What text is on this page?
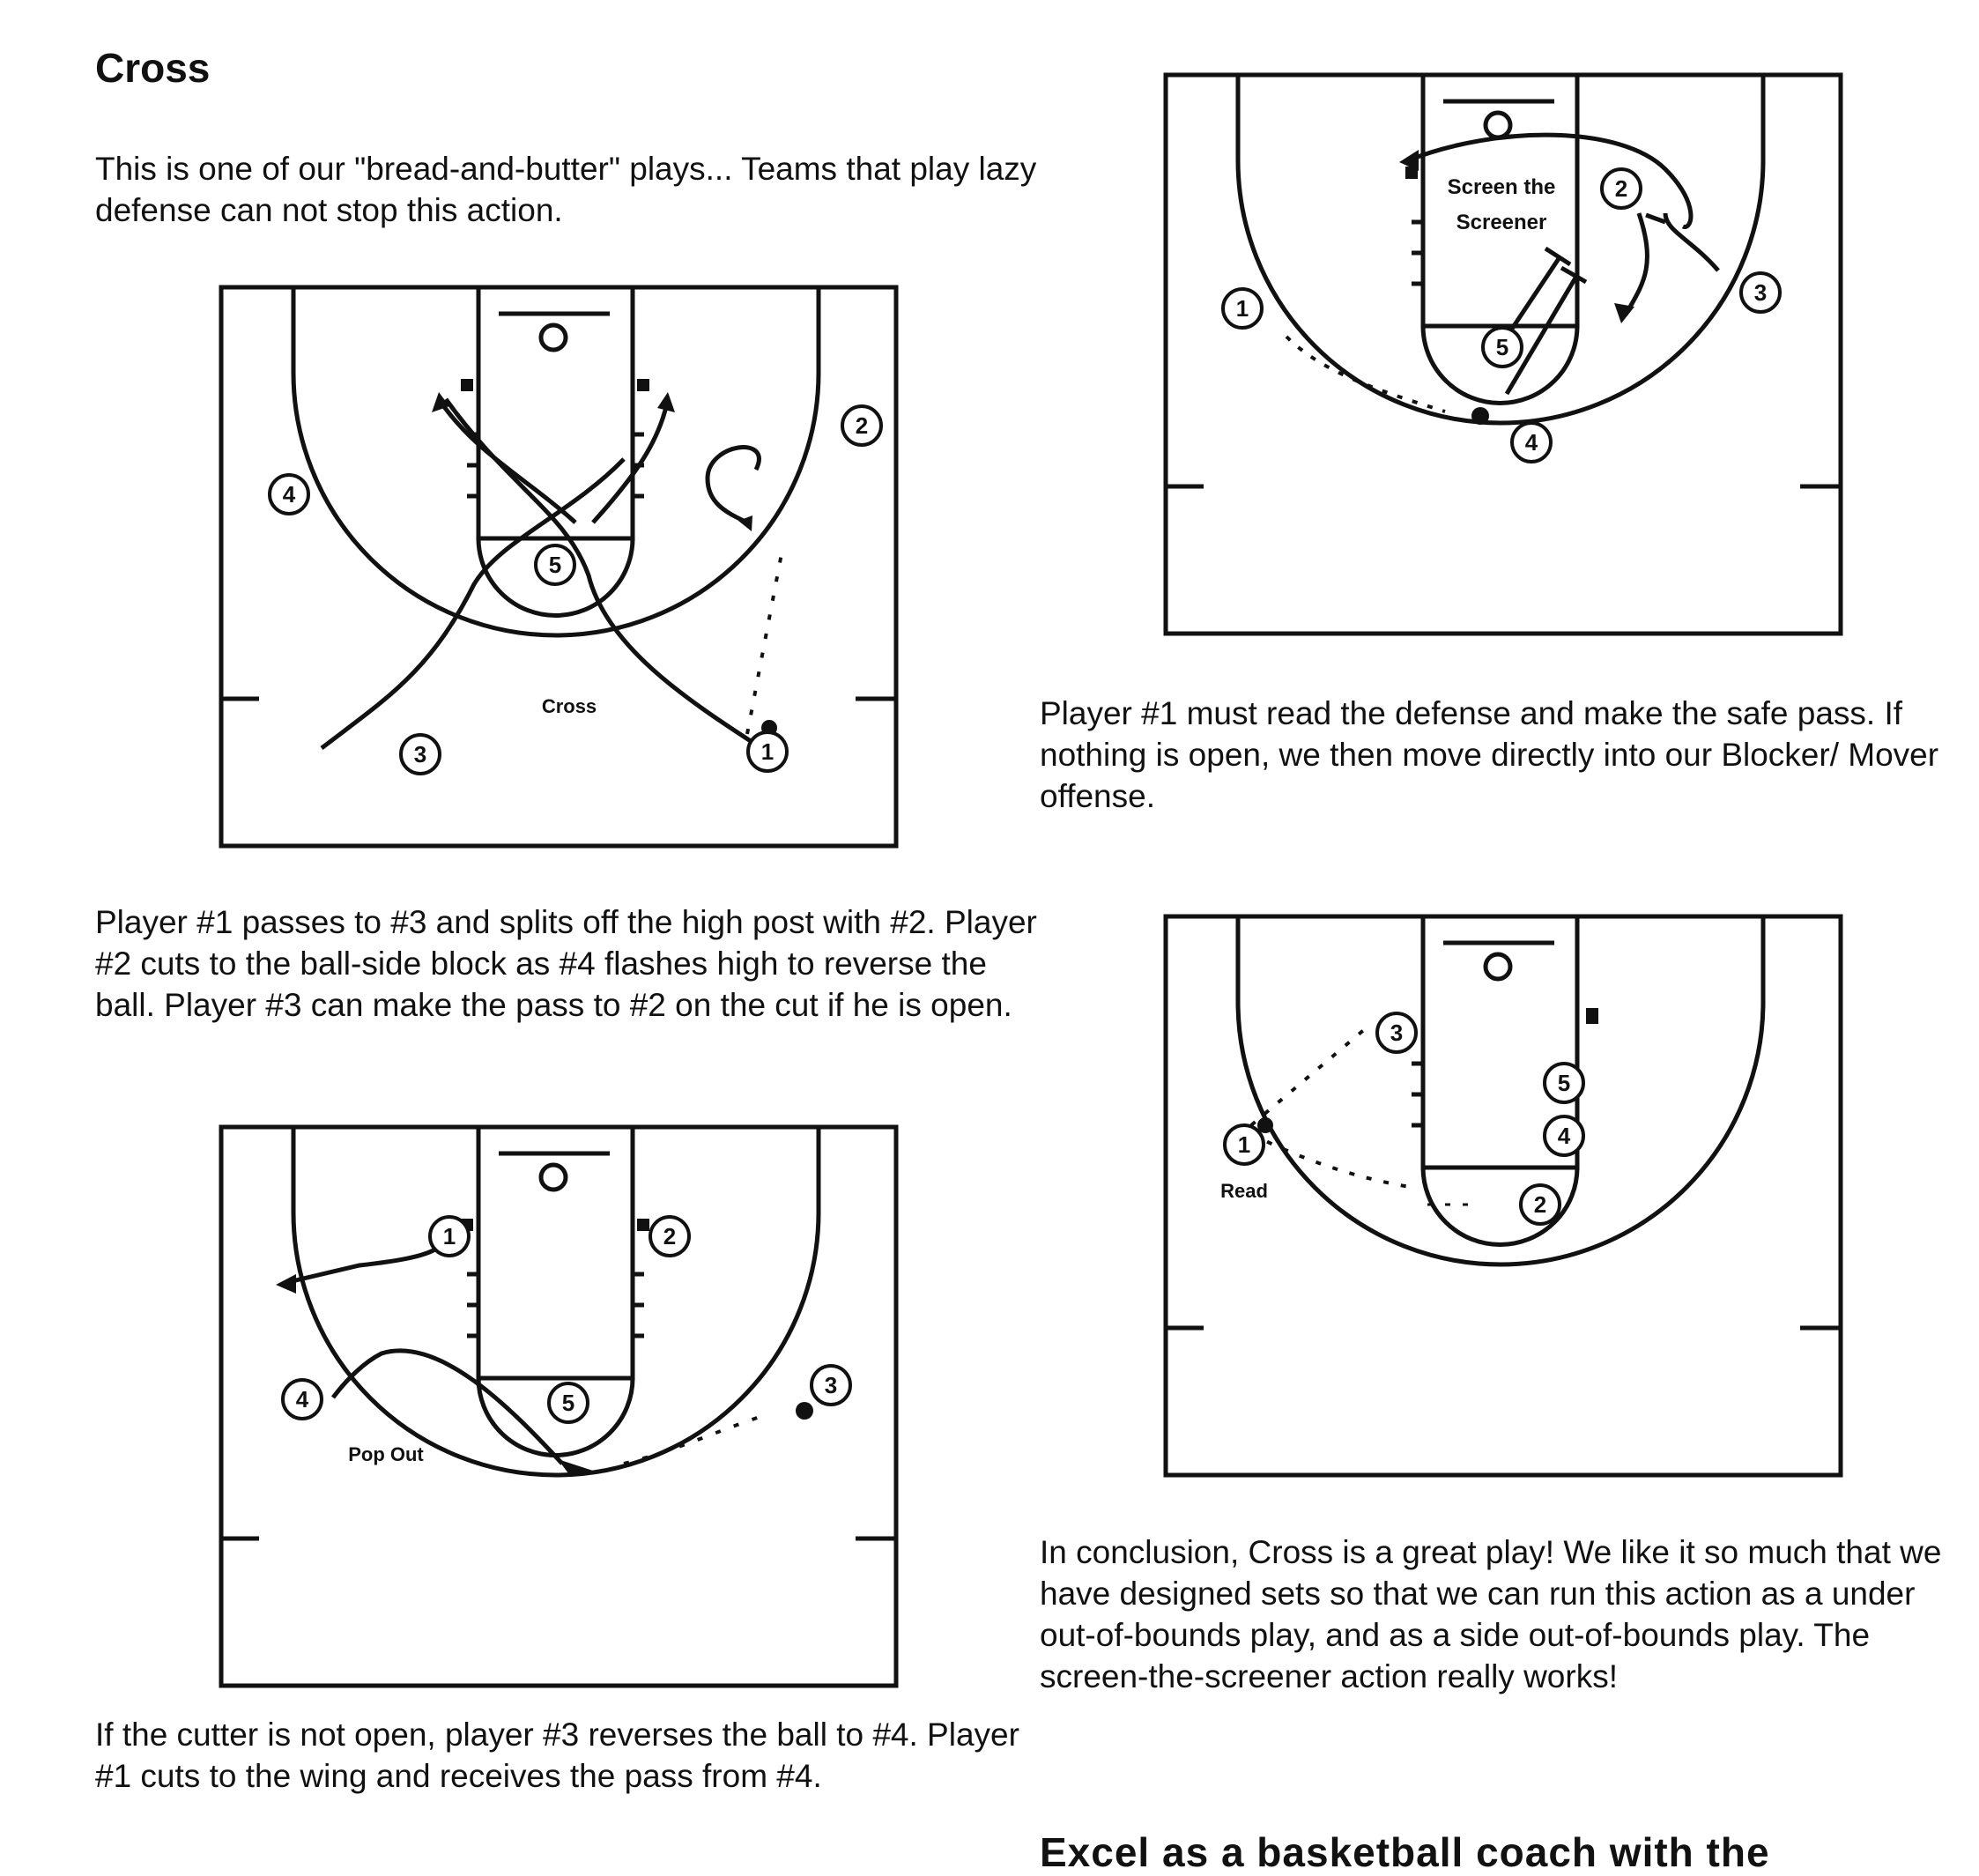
Cross

This is one of our "bread-and-butter" plays... Teams that play lazy defense can not stop this action.

4
3
5
2
1
Cross

Player #1 passes to #3 and splits off the high post with #2. Player #2 cuts to the ball-side block as #4 flashes high to reverse the ball. Player #3 can make the pass to #2 on the cut if he is open.

1	2
4	5
3
Pop Out

If the cutter is not open, player #3 reverses the ball to #4. Player #1 cuts to the wing and receives the pass from #4.

1
2
3
5
4
Screen the
Screener

Player #1 must read the defense and make the safe pass. If nothing is open, we then move directly into our Blocker/ Mover offense.

3
5
4
1
2
Read

In conclusion, Cross is a great play! We like it so much that we have designed sets so that we can run this action as a under out-of-bounds play, and as a side out-of-bounds play. The screen-the-screener action really works!

Excel as a basketball coach with the
